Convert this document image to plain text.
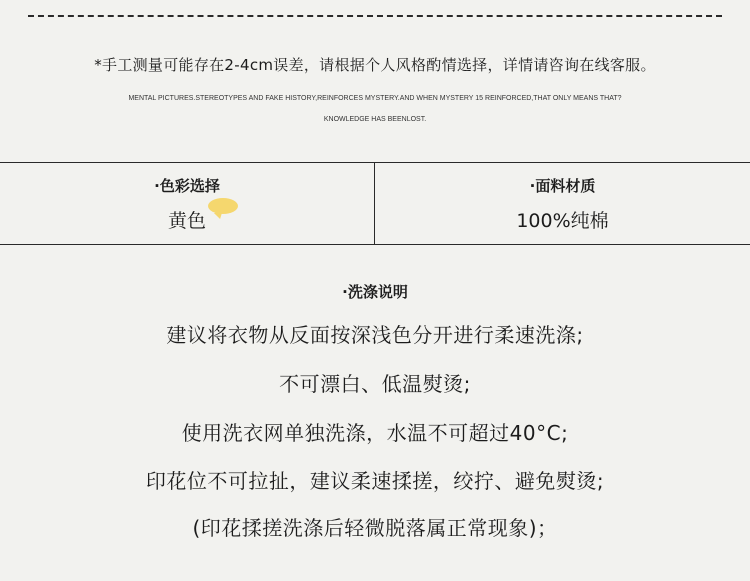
*手工测量可能存在2-4cm误差，请根据个人风格酌情选择，详情请咨询在线客服。
MENTAL PICTURES.STEREOTYPES AND FAKE HISTORY,REINFORCES MYSTERY.AND WHEN MYSTERY 15 REINFORCED,THAT ONLY MEANS THAT?
KNOWLEDGE HAS BEENLOST.
·色彩选择
黄色
·面料材质
100%纯棉
·洗涤说明
建议将衣物从反面按深浅色分开进行柔速洗涤;
不可漂白、低温熨烫;
使用洗衣网单独洗涤，水温不可超过40°C;
印花位不可拉扯，建议柔速揉搓，绞拧、避免熨烫;
(印花揉搓洗涤后轻微脱落属正常现象)；
